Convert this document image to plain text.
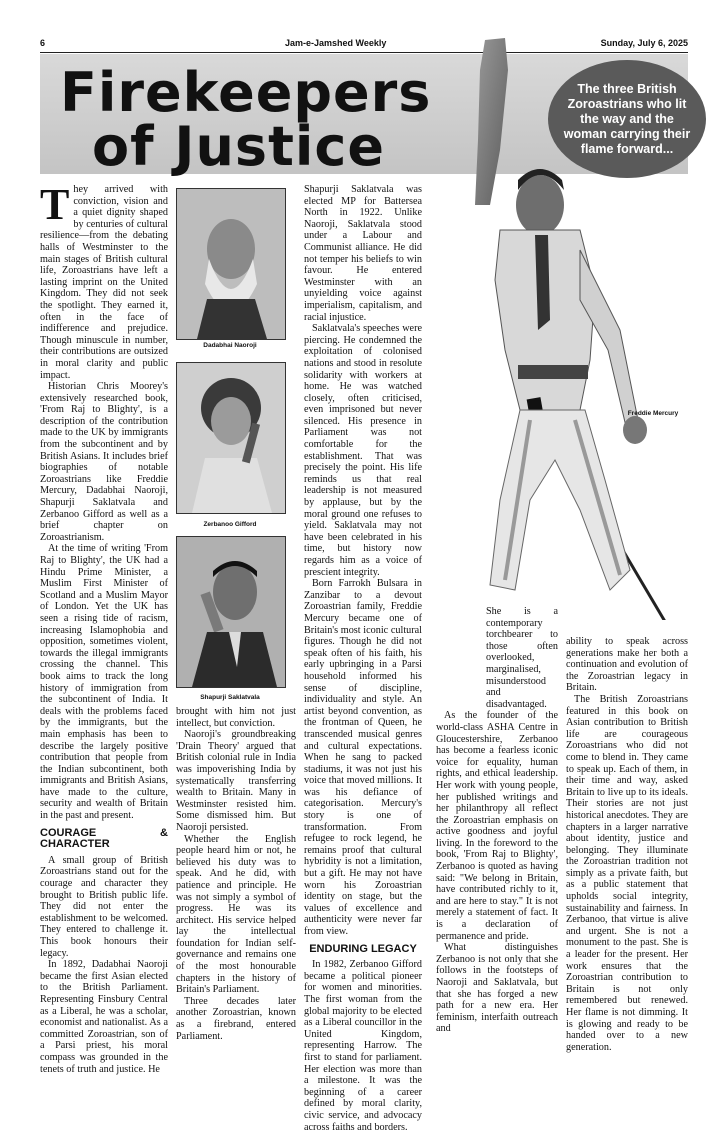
6	Jam-e-Jamshed Weekly	Sunday, July 6, 2025
Firekeepers
of Justice
The three British Zoroastrians who lit the way and the woman carrying their flame forward...

They arrived with conviction, vision and a quiet dignity shaped by centuries of cultural resilience—from the debating halls of Westminster to the main stages of British cultural life, Zoroastrians have left a lasting imprint on the United Kingdom. They did not seek the spotlight. They earned it, often in the face of indifference and prejudice. Though minuscule in number, their contributions are outsized in moral clarity and public impact.

Historian Chris Moorey's extensively researched book, 'From Raj to Blighty', is a description of the contribution made to the UK by immigrants from the subcontinent and by British Asians. It includes brief biographies of notable Zoroastrians like Freddie Mercury, Dadabhai Naoroji, Shapurji Saklatvala and Zerbanoo Gifford as well as a brief chapter on Zoroastrianism.

At the time of writing 'From Raj to Blighty', the UK had a Hindu Prime Minister, a Muslim First Minister of Scotland and a Muslim Mayor of London. Yet the UK has seen a rising tide of racism, increasing Islamophobia and opposition, sometimes violent, towards the illegal immigrants crossing the channel. This book aims to track the long history of immigration from the subcontinent of India. It deals with the problems faced by the immigrants, but the main emphasis has been to describe the largely positive contribution that people from the Indian subcontinent, both immigrants and British Asians, have made to the culture, security and wealth of Britain in the past and present.

COURAGE & CHARACTER

A small group of British Zoroastrians stand out for the courage and character they brought to British public life. They did not enter the establishment to be welcomed. They entered to challenge it. This book honours their legacy.

In 1892, Dadabhai Naoroji became the first Asian elected to the British Parliament. Representing Finsbury Central as a Liberal, he was a scholar, economist and nationalist. As a committed Zoroastrian, son of a Parsi priest, his moral compass was grounded in the tenets of truth and justice. He

Dadabhai Naoroji
Zerbanoo Gifford
Shapurji Saklatvala

brought with him not just intellect, but conviction.

Naoroji's groundbreaking 'Drain Theory' argued that British colonial rule in India was impoverishing India by systematically transferring wealth to Britain. Many in Westminster resisted him. Some dismissed him. But Naoroji persisted.

Whether the English people heard him or not, he believed his duty was to speak. And he did, with patience and principle. He was not simply a symbol of progress. He was its architect. His service helped lay the intellectual foundation for Indian self-governance and remains one of the most honourable chapters in the history of Britain's Parliament.

Three decades later another Zoroastrian, known as a firebrand, entered Parliament.

Shapurji Saklatvala was elected MP for Battersea North in 1922. Unlike Naoroji, Saklatvala stood under a Labour and Communist alliance. He did not temper his beliefs to win favour. He entered Westminster with an unyielding voice against imperialism, capitalism, and racial injustice.

Saklatvala's speeches were piercing. He condemned the exploitation of colonised nations and stood in resolute solidarity with workers at home. He was watched closely, often criticised, even imprisoned but never silenced. His presence in Parliament was not comfortable for the establishment. That was precisely the point. His life reminds us that real leadership is not measured by applause, but by the moral ground one refuses to yield. Saklatvala may not have been celebrated in his time, but history now regards him as a voice of prescient integrity.

Born Farrokh Bulsara in Zanzibar to a devout Zoroastrian family, Freddie Mercury became one of Britain's most iconic cultural figures. Though he did not speak often of his faith, his early upbringing in a Parsi household informed his sense of discipline, individuality and style. An artist beyond convention, as the frontman of Queen, he transcended musical genres and cultural expectations. When he sang to packed stadiums, it was not just his voice that moved millions. It was his defiance of categorisation. Mercury's story is one of transformation. From refugee to rock legend, he remains proof that cultural hybridity is not a limitation, but a gift. He may not have worn his Zoroastrian identity on stage, but the values of excellence and authenticity were never far from view.

ENDURING LEGACY

In 1982, Zerbanoo Gifford became a political pioneer for women and minorities. The first woman from the global majority to be elected as a Liberal councillor in the United Kingdom, representing Harrow. The first to stand for parliament. Her election was more than a milestone. It was the beginning of a career defined by moral clarity, civic service, and advocacy across faiths and borders.

She is a contemporary torchbearer to those often overlooked, marginalised, misunderstood and disadvantaged.

As the founder of the world-class ASHA Centre in Gloucestershire, Zerbanoo has become a fearless iconic voice for equality, human rights, and ethical leadership. Her work with young people, her published writings and her philanthropy all reflect the Zoroastrian emphasis on active goodness and joyful living. In the foreword to the book, 'From Raj to Blighty', Zerbanoo is quoted as having said: "We belong in Britain, have contributed richly to it, and are here to stay." It is not merely a statement of fact. It is a declaration of permanence and pride.

What distinguishes Zerbanoo is not only that she follows in the footsteps of Naoroji and Saklatvala, but that she has forged a new path for a new era. Her feminism, interfaith outreach and

Freddie Mercury

ability to speak across generations make her both a continuation and evolution of the Zoroastrian legacy in Britain.

The British Zoroastrians featured in this book on Asian contribution to British life are courageous Zoroastrians who did not come to blend in. They came to speak up. Each of them, in their time and way, asked Britain to live up to its ideals. Their stories are not just historical anecdotes. They are chapters in a larger narrative about identity, justice and belonging. They illuminate the Zoroastrian tradition not simply as a private faith, but as a public statement that upholds social integrity, sustainability and fairness. In Zerbanoo, that virtue is alive and urgent. She is not a monument to the past. She is a leader for the present. Her work ensures that the Zoroastrian contribution to Britain is not only remembered but renewed. Her flame is not dimming. It is glowing and ready to be handed over to a new generation.
